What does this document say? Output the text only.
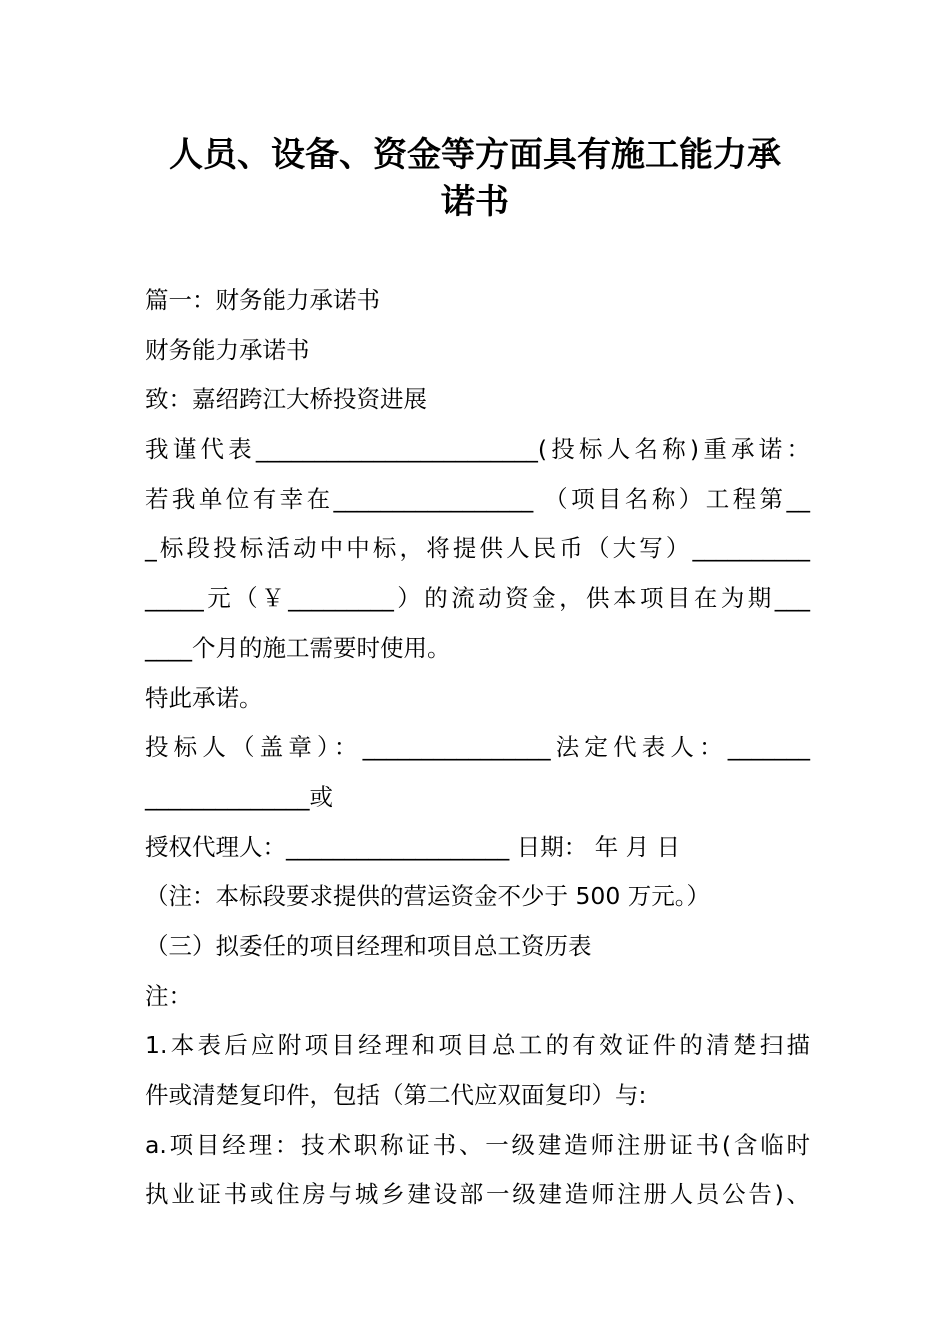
人员、设备、资金等方面具有施工能力承
诺书
篇一：财务能力承诺书
财务能力承诺书
致：嘉绍跨江大桥投资进展
我谨代表________________________(投标人名称)重承诺：
若我单位有幸在_________________ （项目名称）工程第__
_标段投标活动中中标，将提供人民币（大写）__________
_____元（￥_________）的流动资金，供本项目在为期___
____个月的施工需要时使用。
特此承诺。
投标人（盖章）：________________法定代表人：_______
______________或
授权代理人：___________________ 日期： 年 月 日
（注：本标段要求提供的营运资金不少于 500 万元。）
（三）拟委任的项目经理和项目总工资历表
注：
1.本表后应附项目经理和项目总工的有效证件的清楚扫描
件或清楚复印件，包括（第二代应双面复印）与:
a.项目经理：技术职称证书、一级建造师注册证书(含临时
执业证书或住房与城乡建设部一级建造师注册人员公告)、
